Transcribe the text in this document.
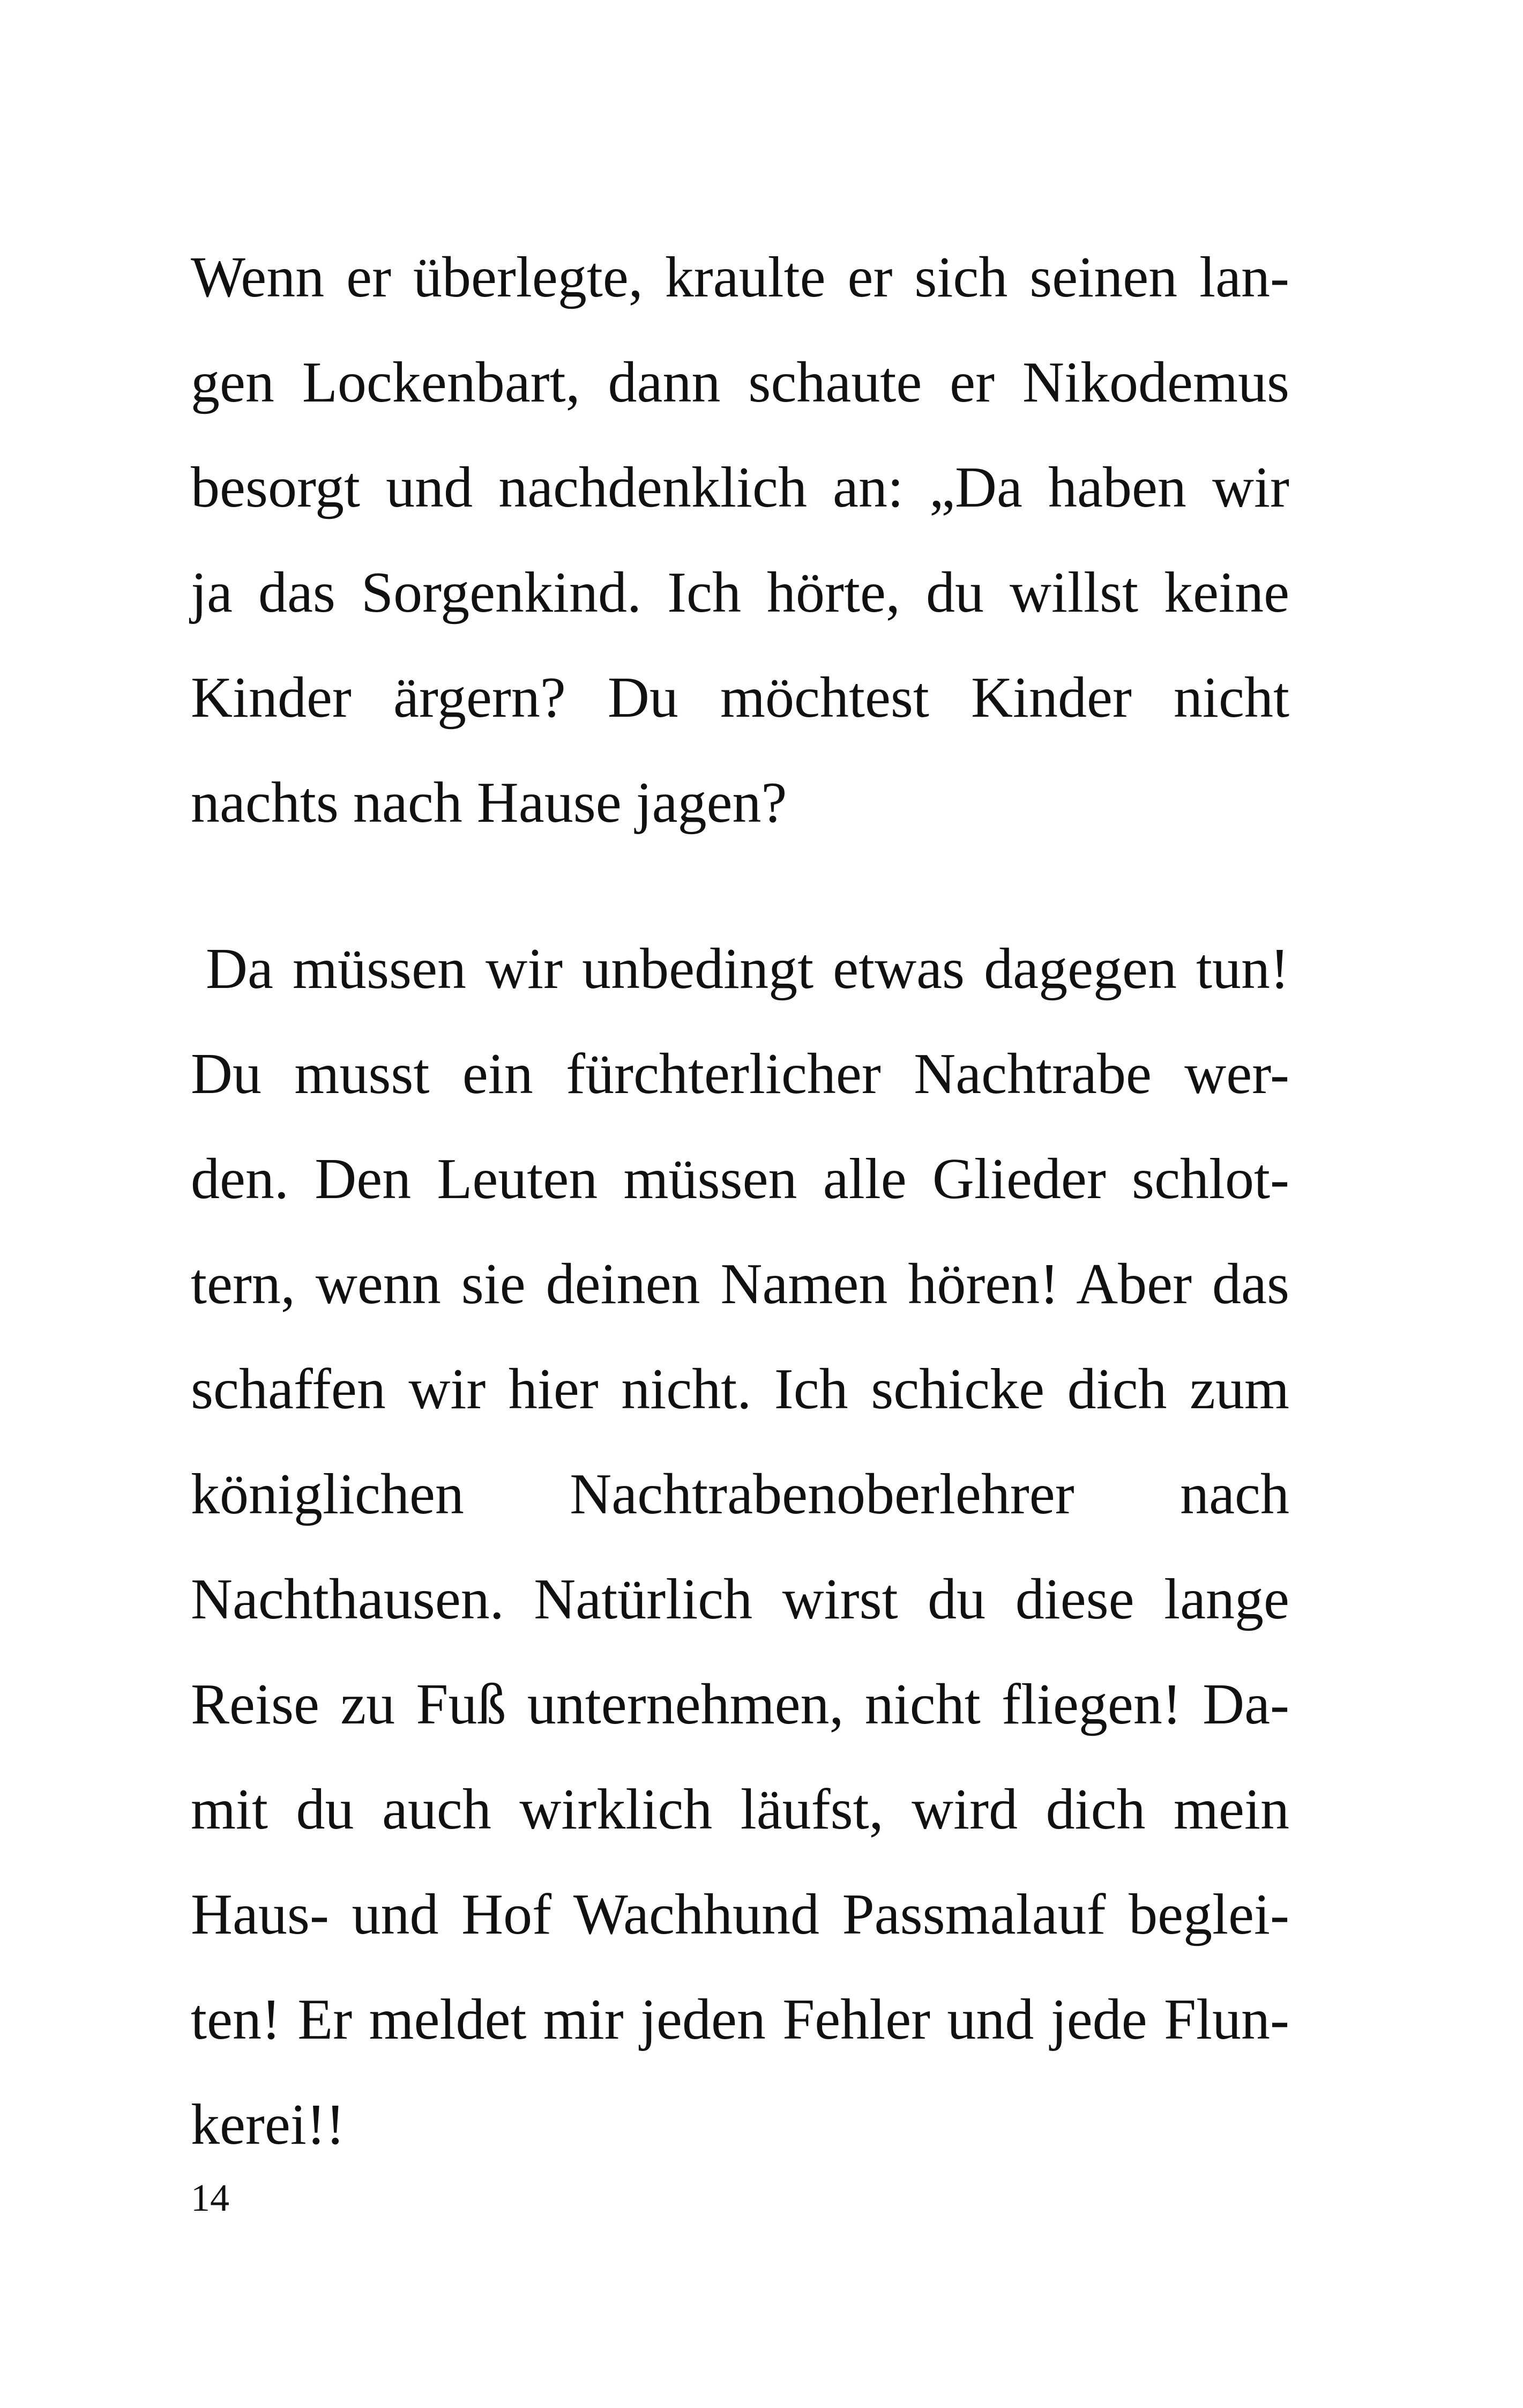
Wenn er überlegte, kraulte er sich seinen lan-
gen Lockenbart, dann schaute er Nikodemus
besorgt und nachdenklich an: „Da haben wir
ja das Sorgenkind. Ich hörte, du willst keine
Kinder ärgern? Du möchtest Kinder nicht
nachts nach Hause jagen?
Da müssen wir unbedingt etwas dagegen tun!
Du musst ein fürchterlicher Nachtrabe wer-
den. Den Leuten müssen alle Glieder schlot-
tern, wenn sie deinen Namen hören! Aber das
schaffen wir hier nicht. Ich schicke dich zum
königlichen Nachtrabenoberlehrer nach
Nachthausen. Natürlich wirst du diese lange
Reise zu Fuß unternehmen, nicht fliegen! Da-
mit du auch wirklich läufst, wird dich mein
Haus- und Hof Wachhund Passmalauf beglei-
ten! Er meldet mir jeden Fehler und jede Flun-
kerei!!
14
